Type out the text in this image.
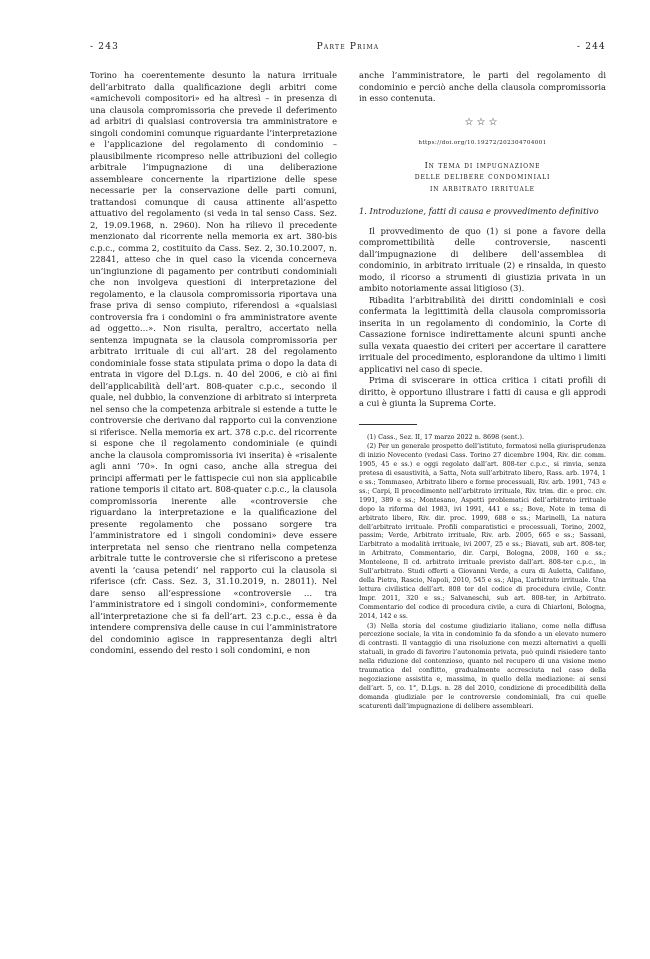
- 243	Parte Prima	- 244

Torino ha coerentemente desunto la natura irrituale dell’arbitrato dalla qualificazione degli arbitri come «amichevoli compositori» ed ha altresì – in presenza di una clausola compromissoria che prevede il deferimento ad arbitri di qualsiasi controversia tra amministratore e singoli condomini comunque riguardante l’interpretazione e l’applicazione del regolamento di condominio – plausibilmente ricompreso nelle attribuzioni del collegio arbitrale l’impugnazione di una deliberazione assembleare concernente la ripartizione delle spese necessarie per la conservazione delle parti comuni, trattandosi comunque di causa attinente all’aspetto attuativo del regolamento (si veda in tal senso Cass. Sez. 2, 19.09.1968, n. 2960). Non ha rilievo il precedente menzionato dal ricorrente nella memoria ex art. 380-bis c.p.c., comma 2, costituito da Cass. Sez. 2, 30.10.2007, n. 22841, atteso che in quel caso la vicenda concerneva un’ingiunzione di pagamento per contributi condominiali che non involgeva questioni di interpretazione del regolamento, e la clausola compromissoria riportava una frase priva di senso compiuto, riferendosi a «qualsiasi controversia fra i condomini o fra amministratore avente ad oggetto…». Non risulta, peraltro, accertato nella sentenza impugnata se la clausola compromissoria per arbitrato irrituale di cui all’art. 28 del regolamento condominiale fosse stata stipulata prima o dopo la data di entrata in vigore del D.Lgs. n. 40 del 2006, e ciò ai fini dell’applicabilità dell’art. 808-quater c.p.c., secondo il quale, nel dubbio, la convenzione di arbitrato si interpreta nel senso che la competenza arbitrale si estende a tutte le controversie che derivano dal rapporto cui la convenzione si riferisce. Nella memoria ex art. 378 c.p.c. del ricorrente si espone che il regolamento condominiale (e quindi anche la clausola compromissoria ivi inserita) è «risalente agli anni ’70». In ogni caso, anche alla stregua dei principi affermati per le fattispecie cui non sia applicabile ratione temporis il citato art. 808-quater c.p.c., la clausola compromissoria inerente alle «controversie che riguardano la interpretazione e la qualificazione del presente regolamento che possano sorgere tra l’amministratore ed i singoli condomini» deve essere interpretata nel senso che rientrano nella competenza arbitrale tutte le controversie che si riferiscono a pretese aventi la ‘causa petendi’ nel rapporto cui la clausola si riferisce (cfr. Cass. Sez. 3, 31.10.2019, n. 28011). Nel dare senso all’espressione «controversie … tra l’amministratore ed i singoli condomini», conformemente all’interpretazione che si fa dell’art. 23 c.p.c., essa è da intendere comprensiva delle cause in cui l’amministratore del condominio agisce in rappresentanza degli altri condomini, essendo del resto i soli condomini, e non

anche l’amministratore, le parti del regolamento di condominio e perciò anche della clausola compromissoria in esso contenuta.

☆☆☆
https://doi.org/10.19272/202304704001
In tema di impugnazione
delle delibere condominiali
in arbitrato irrituale
1. Introduzione, fatti di causa e provvedimento definitivo

Il provvedimento de quo (1) si pone a favore della compromettibilità delle controversie, nascenti dall’impugnazione di delibere dell’assemblea di condominio, in arbitrato irrituale (2) e rinsalda, in questo modo, il ricorso a strumenti di giustizia privata in un ambito notoriamente assai litigioso (3).

Ribadita l’arbitrabilità dei diritti condominiali e così confermata la legittimità della clausola compromissoria inserita in un regolamento di condominio, la Corte di Cassazione fornisce indirettamente alcuni spunti anche sulla vexata quaestio dei criteri per accertare il carattere irrituale del procedimento, esplorandone da ultimo i limiti applicativi nel caso di specie.

Prima di sviscerare in ottica critica i citati profili di diritto, è opportuno illustrare i fatti di causa e gli approdi a cui è giunta la Suprema Corte.

(1) Cass., Sez. II, 17 marzo 2022 n. 8698 (sent.).

(2) Per un generale prospetto dell’istituto, formatosi nella giurisprudenza di inizio Novecento (vedasi Cass. Torino 27 dicembre 1904, Riv. dir. comm. 1905, 45 e ss.) e oggi regolato dall’art. 808-ter c.p.c., si rinvia, senza pretesa di esaustività, a Satta, Nota sull’arbitrato libero, Rass. arb. 1974, 1 e ss.; Tommaseo, Arbitrato libero e forme processuali, Riv. arb. 1991, 743 e ss.; Carpi, Il procedimento nell’arbitrato irrituale, Riv. trim. dir. e proc. civ. 1991, 389 e ss.; Montesano, Aspetti problematici dell’arbitrato irrituale dopo la riforma del 1983, ivi 1991, 441 e ss.; Bove, Note in tema di arbitrato libero, Riv. dir. proc. 1999, 688 e ss.; Marinelli, La natura dell’arbitrato irrituale. Profili comparatistici e processuali, Torino, 2002, passim; Verde, Arbitrato irrituale, Riv. arb. 2005, 665 e ss.; Sassani, L’arbitrato a modalità irrituale, ivi 2007, 25 e ss.; Biavati, sub art. 808-ter, in Arbitrato, Commentario, dir. Carpi, Bologna, 2008, 160 e ss.; Monteleone, Il cd. arbitrato irrituale previsto dall’art. 808-ter c.p.c., in Sull’arbitrato. Studi offerti a Giovanni Verde, a cura di Auletta, Califano, della Pietra, Rascio, Napoli, 2010, 545 e ss.; Alpa, L’arbitrato irrituale. Una lettura civilistica dell’art. 808 ter del codice di procedura civile, Contr. Impr. 2011, 320 e ss.; Salvaneschi, sub art. 808-ter, in Arbitrato. Commentario del codice di procedura civile, a cura di Chiarloni, Bologna, 2014, 142 e ss.

(3) Nella storia del costume giudiziario italiano, come nella diffusa percezione sociale, la vita in condominio fa da sfondo a un elevato numero di contrasti. Il vantaggio di una risoluzione con mezzi alternativi a quelli statuali, in grado di favorire l’autonomia privata, può quindi risiedere tanto nella riduzione del contenzioso, quanto nel recupero di una visione meno traumatica del conflitto, gradualmente accresciuta nel caso della negoziazione assistita e, massima, in quello della mediazione: ai sensi dell’art. 5, co. 1°, D.Lgs. n. 28 del 2010, condizione di procedibilità della domanda giudiziale per le controversie condominiali, fra cui quelle scaturenti dall’impugnazione di delibere assembleari.
